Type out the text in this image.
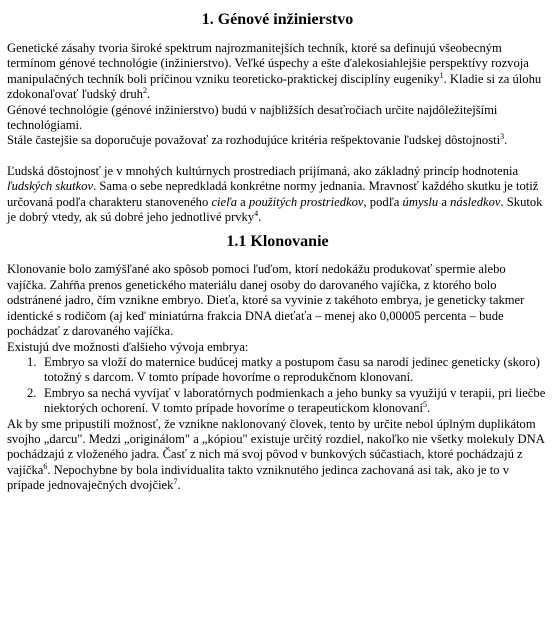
1. Génové inžinierstvo

Genetické zásahy tvoria široké spektrum najrozmanitejších techník, ktoré sa definujú všeobecným termínom génové technológie (inžinierstvo). Veľké úspechy a ešte ďalekosiahlejšie perspektívy rozvoja manipulačných techník boli príčinou vzniku teoreticko-praktickej disciplíny eugeniky$^1$. Kladie si za úlohu zdokonaľovať ľudský druh$^2$.

Génové technológie (génové inžinierstvo) budú v najbližších desaťročiach určite najdôležitejšími technológiami.

Stále častejšie sa doporučuje považovať za rozhodujúce kritéria rešpektovanie ľudskej dôstojnosti$^3$.

Ľudská dôstojnosť je v mnohých kultúrnych prostrediach prijímaná, ako základný princíp hodnotenia ľudských skutkov. Sama o sebe nepredkladá konkrétne normy jednania. Mravnosť každého skutku je totiž určovaná podľa charakteru stanoveného cieľa a použitých prostriedkov, podľa úmyslu a následkov. Skutok je dobrý vtedy, ak sú dobré jeho jednotlivé prvky$^4$.

1.1 Klonovanie

Klonovanie bolo zamýšľané ako spôsob pomoci ľuďom, ktorí nedokážu produkovať spermie alebo vajíčka. Zahŕňa prenos genetického materiálu danej osoby do darovaného vajíčka, z ktorého bolo odstránené jadro, čím vznikne embryo. Dieťa, ktoré sa vyvinie z takéhoto embrya, je geneticky takmer identické s rodičom (aj keď miniatúrna frakcia DNA dieťaťa – menej ako 0,00005 percenta – bude pochádzať z darovaného vajíčka.

Existujú dve možnosti ďalšieho vývoja embrya:

1. Embryo sa vloží do maternice budúcej matky a postupom času sa narodí jedinec geneticky (skoro) totožný s darcom. V tomto prípade hovoríme o reprodukčnom klonovaní.
2. Embryo sa nechá vyvíjať v laboratórnych podmienkach a jeho bunky sa využijú v terapii, pri liečbe niektorých ochorení. V tomto prípade hovoríme o terapeutickom klonovaní$^5$.

Ak by sme pripustili možnosť, že vznikne naklonovaný človek, tento by určite nebol úplným duplikátom svojho „darcu". Medzi „originálom" a „kópiou" existuje určitý rozdiel, nakoľko nie všetky molekuly DNA pochádzajú z vloženého jadra. Časť z nich má svoj pôvod v bunkových súčastiach, ktoré pochádzajú z vajíčka$^6$. Nepochybne by bola individualita takto vzniknutého jedinca zachovaná asi tak, ako je to v prípade jednovaječných dvojčiek$^7$.
